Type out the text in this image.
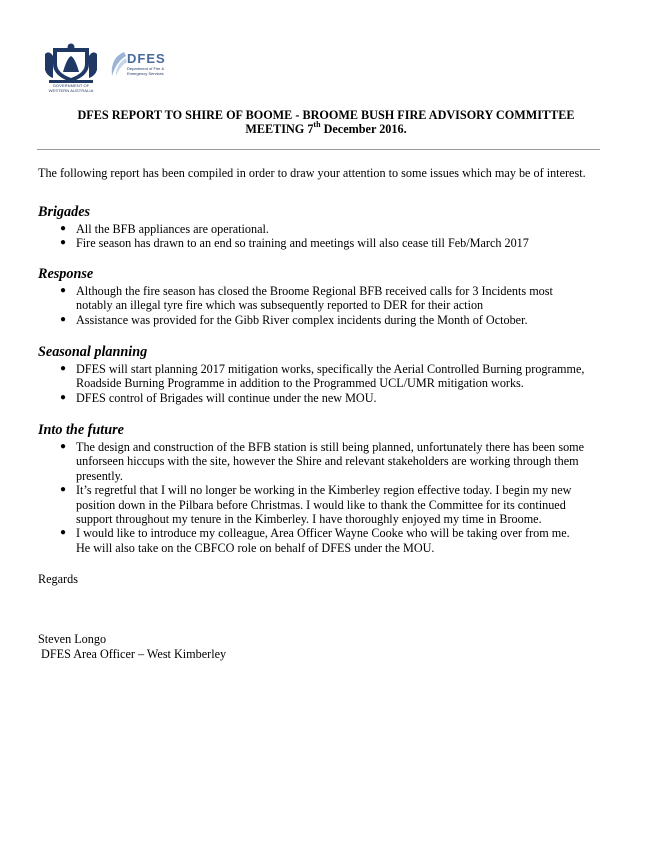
GOVERNMENT OF
WESTERN AUSTRALIA
DFES
Department of Fire &
Emergency Services
DFES REPORT TO SHIRE OF BOOME - BROOME BUSH FIRE ADVISORY COMMITTEE
MEETING 7th December 2016.
The following report has been compiled in order to draw your attention to some issues which may be of interest.
Brigades
● All the BFB appliances are operational.
● Fire season has drawn to an end so training and meetings will also cease till Feb/March 2017
Response
● Although the fire season has closed the Broome Regional BFB received calls for 3 Incidents most
notably an illegal tyre fire which was subsequently reported to DER for their action
● Assistance was provided for the Gibb River complex incidents during the Month of October.
Seasonal planning
● DFES will start planning 2017 mitigation works, specifically the Aerial Controlled Burning programme,
Roadside Burning Programme in addition to the Programmed UCL/UMR mitigation works.
● DFES control of Brigades will continue under the new MOU.
Into the future
● The design and construction of the BFB station is still being planned, unfortunately there has been some
unforseen hiccups with the site, however the Shire and relevant stakeholders are working through them
presently.
● It’s regretful that I will no longer be working in the Kimberley region effective today. I begin my new
position down in the Pilbara before Christmas. I would like to thank the Committee for its continued
support throughout my tenure in the Kimberley. I have thoroughly enjoyed my time in Broome.
● I would like to introduce my colleague, Area Officer Wayne Cooke who will be taking over from me.
He will also take on the CBFCO role on behalf of DFES under the MOU.
Regards
Steven Longo
DFES Area Officer – West Kimberley
